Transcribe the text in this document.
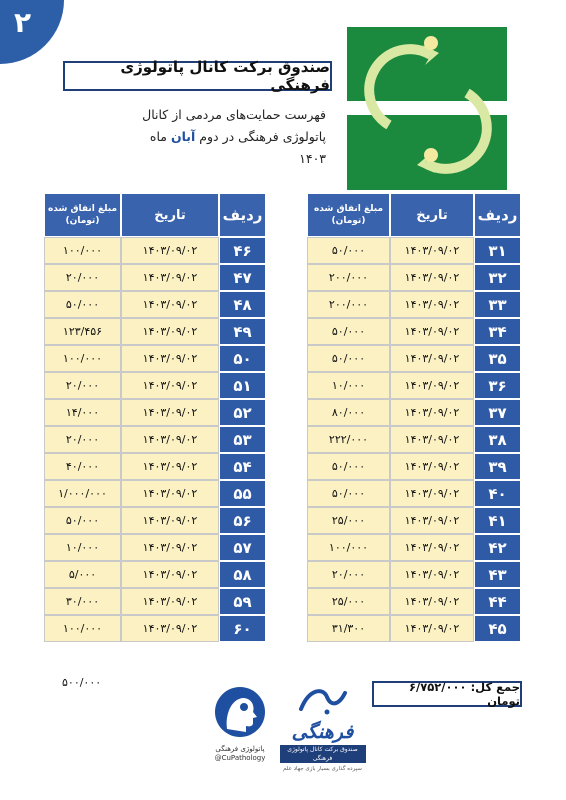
۲
صندوق برکت کانال پاتولوژی فرهنگی
فهرست حمایت‌های مردمی از کانال
پاتولوژی فرهنگی در دوم آبان ماه ۱۴۰۳
ردیف	تاریخ	مبلغ انفاق شده (تومان)
۳۱	۱۴۰۳/۰۹/۰۲	۵۰/۰۰۰
۳۲	۱۴۰۳/۰۹/۰۲	۲۰۰/۰۰۰
۳۳	۱۴۰۳/۰۹/۰۲	۲۰۰/۰۰۰
۳۴	۱۴۰۳/۰۹/۰۲	۵۰/۰۰۰
۳۵	۱۴۰۳/۰۹/۰۲	۵۰/۰۰۰
۳۶	۱۴۰۳/۰۹/۰۲	۱۰/۰۰۰
۳۷	۱۴۰۳/۰۹/۰۲	۸۰/۰۰۰
۳۸	۱۴۰۳/۰۹/۰۲	۲۲۲/۰۰۰
۳۹	۱۴۰۳/۰۹/۰۲	۵۰/۰۰۰
۴۰	۱۴۰۳/۰۹/۰۲	۵۰/۰۰۰
۴۱	۱۴۰۳/۰۹/۰۲	۲۵/۰۰۰
۴۲	۱۴۰۳/۰۹/۰۲	۱۰۰/۰۰۰
۴۳	۱۴۰۳/۰۹/۰۲	۲۰/۰۰۰
۴۴	۱۴۰۳/۰۹/۰۲	۲۵/۰۰۰
۴۵	۱۴۰۳/۰۹/۰۲	۳۱/۳۰۰
ردیف	تاریخ	مبلغ انفاق شده (تومان)
۴۶	۱۴۰۳/۰۹/۰۲	۱۰۰/۰۰۰
۴۷	۱۴۰۳/۰۹/۰۲	۲۰/۰۰۰
۴۸	۱۴۰۳/۰۹/۰۲	۵۰/۰۰۰
۴۹	۱۴۰۳/۰۹/۰۲	۱۲۳/۴۵۶
۵۰	۱۴۰۳/۰۹/۰۲	۱۰۰/۰۰۰
۵۱	۱۴۰۳/۰۹/۰۲	۲۰/۰۰۰
۵۲	۱۴۰۳/۰۹/۰۲	۱۴/۰۰۰
۵۳	۱۴۰۳/۰۹/۰۲	۲۰/۰۰۰
۵۴	۱۴۰۳/۰۹/۰۲	۴۰/۰۰۰
۵۵	۱۴۰۳/۰۹/۰۲	۱/۰۰۰/۰۰۰
۵۶	۱۴۰۳/۰۹/۰۲	۵۰/۰۰۰
۵۷	۱۴۰۳/۰۹/۰۲	۱۰/۰۰۰
۵۸	۱۴۰۳/۰۹/۰۲	۵/۰۰۰
۵۹	۱۴۰۳/۰۹/۰۲	۳۰/۰۰۰
۶۰	۱۴۰۳/۰۹/۰۲	۱۰۰/۰۰۰
۵۰۰/۰۰۰	جمع کل: ۶/۷۵۲/۰۰۰ تومان
پاتولوژی فرهنگی
@CuPathology
فرهنگی
صندوق برکت کانال پاتولوژی فرهنگی
سپرده گذاری بسیار بازی جهاد علم
